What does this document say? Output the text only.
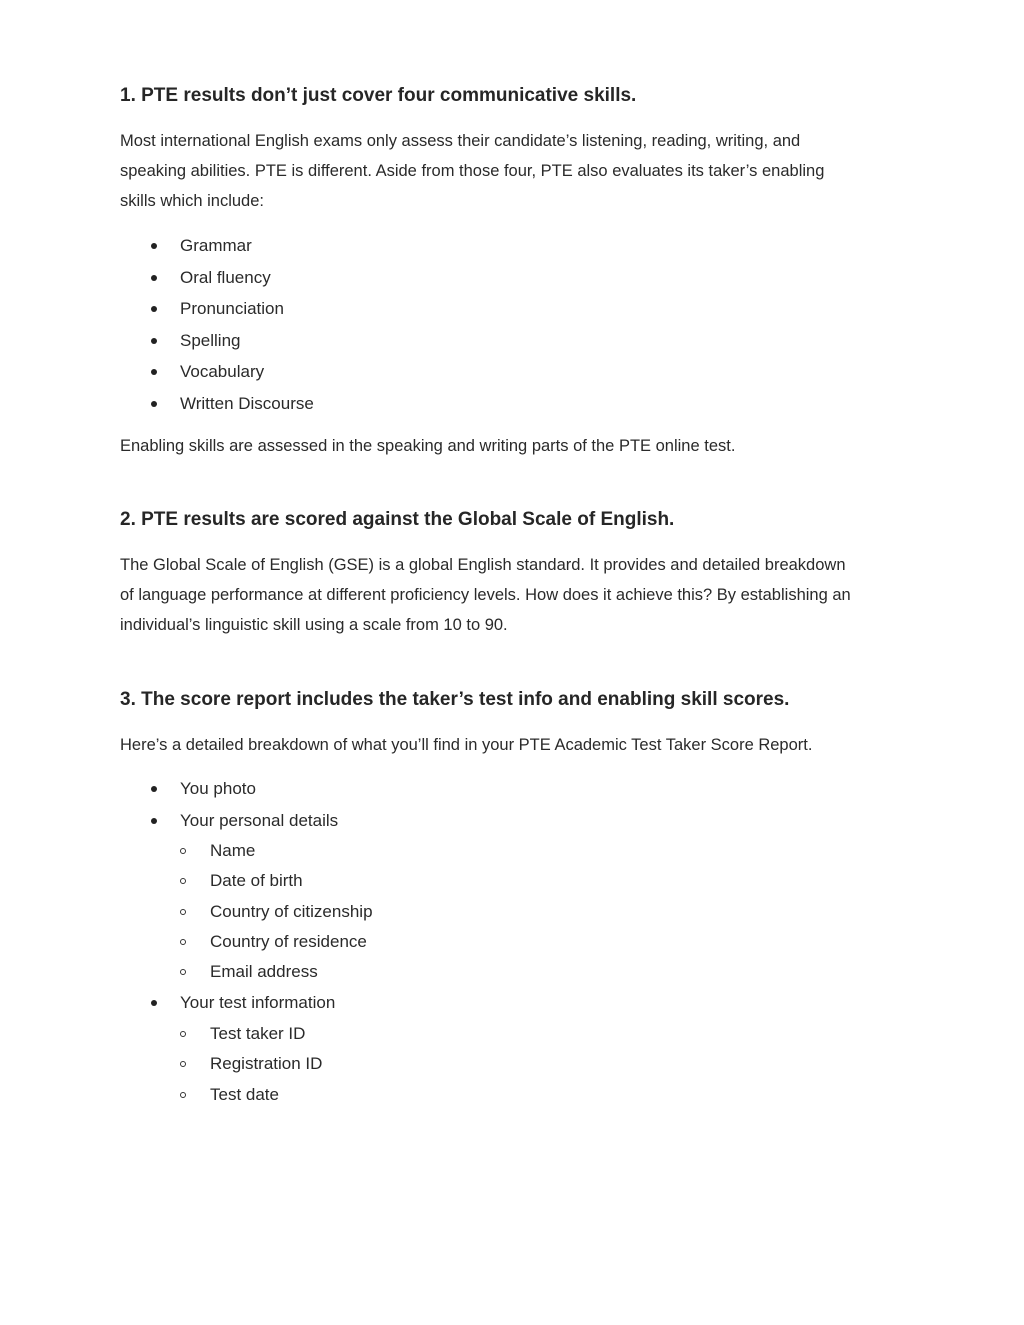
1. PTE results don’t just cover four communicative skills.
Most international English exams only assess their candidate’s listening, reading, writing, and
speaking abilities. PTE is different. Aside from those four, PTE also evaluates its taker’s enabling
skills which include:
Grammar
Oral fluency
Pronunciation
Spelling
Vocabulary
Written Discourse

Enabling skills are assessed in the speaking and writing parts of the PTE online test.

2. PTE results are scored against the Global Scale of English.
The Global Scale of English (GSE) is a global English standard. It provides and detailed breakdown
of language performance at different proficiency levels. How does it achieve this? By establishing an
individual’s linguistic skill using a scale from 10 to 90.
3. The score report includes the taker’s test info and enabling skill scores.

Here’s a detailed breakdown of what you’ll find in your PTE Academic Test Taker Score Report.

You photo
Your personal details
Name
Date of birth
Country of citizenship
Country of residence
Email address
Your test information
Test taker ID
Registration ID
Test date
